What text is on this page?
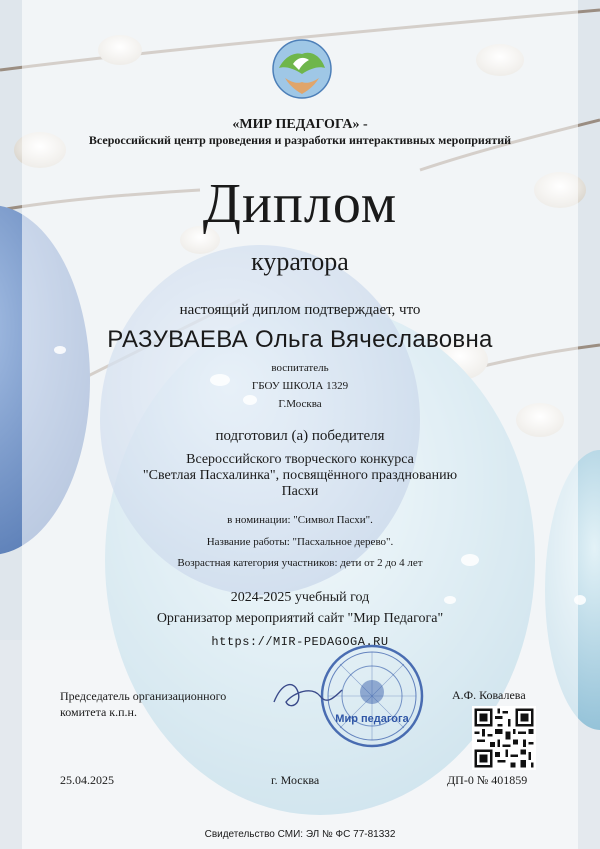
«МИР ПЕДАГОГА» -
Всероссийский центр проведения и разработки интерактивных мероприятий
Диплом
куратора
настоящий диплом подтверждает, что
РАЗУВАЕВА Ольга Вячеславовна
воспитатель
ГБОУ ШКОЛА 1329
Г.Москва
подготовил (а) победителя
Всероссийского творческого конкурса
"Светлая Пасхалинка", посвящённого празднованию
Пасхи
в номинации: "Символ Пасхи".
Название работы: "Пасхальное дерево".
Возрастная категория участников: дети от 2 до 4 лет
2024-2025 учебный год
Организатор мероприятий сайт "Мир Педагога"
https://MIR-PEDAGOGA.RU
Мир педагога
Председатель организационного
комитета к.п.н.
А.Ф. Ковалева
25.04.2025	г. Москва	ДП-0 № 401859
Свидетельство СМИ: ЭЛ № ФС 77-81332
